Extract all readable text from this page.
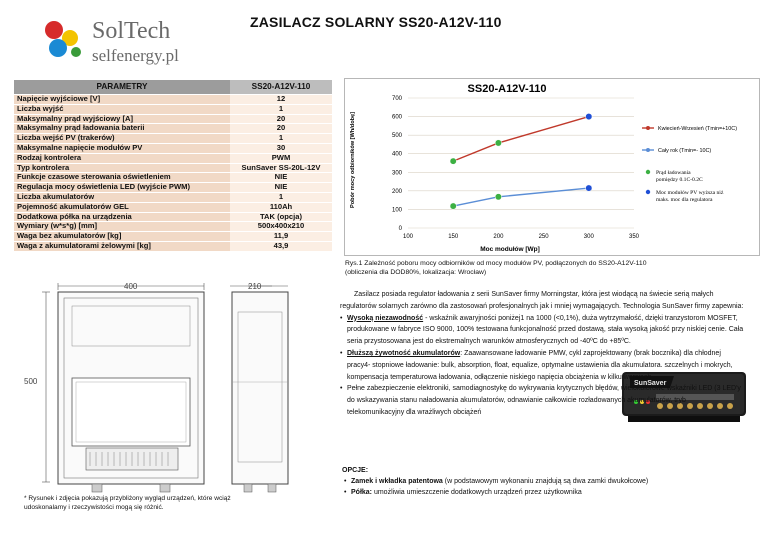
ZASILACZ SOLARNY SS20-A12V-110
SolTech
selfenergy.pl
PARAMETRY	SS20-A12V-110
Napięcie wyjściowe [V]	12
Liczba wyjść	1
Maksymalny prąd wyjściowy [A]	20
Maksymalny prąd ładowania baterii	20
Liczba wejść PV (trakerów)	1
Maksymalne napięcie modułów PV	30
Rodzaj kontrolera	PWM
Typ kontrolera	SunSaver SS-20L-12V
Funkcje czasowe sterowania oświetleniem	NIE
Regulacja mocy oświetlenia LED (wyjście PWM)	NIE
Liczba akumulatorów	1
Pojemność akumulatorów GEL	110Ah
Dodatkowa półka na urządzenia	TAK (opcja)
Wymiary (w*s*g) [mm]	500x400x210
Waga bez akumulatorów [kg]	11,9
Waga z akumulatorami żelowymi [kg]	43,9
400	210
500
SS20-A12V-110
Pobór mocy odbiorników [Wh/dobę]
Moc modułów [Wp]
0
100
200
300
400
500
600
700
100	150	200	250	300	350
Kwiecień-Wrzesień (Tmin=+10C)
Cały rok (Tmin=- 10C)
Prąd ładowania pomiędzy 0.1C-0.2C
Moc modułów PV wyższa niż maks. moc dla regulatora
Rys.1 Zależność poboru mocy odbiorników od mocy modułów PV, podłączonych do SS20-A12V-110
(obliczenia dla DOD80%, lokalizacja: Wrocław)
SunSaver

Zasilacz posiada regulator ładowania z serii SunSaver firmy Morningstar, która jest wiodącą na świecie serią małych regulatorów solarnych zarówno dla zastosowań profesjonalnych jak i mniej wymagających. Technologia SunSaver firmy zapewnia:

• Wysoką niezawodność - wskaźnik awaryjności poniżej1 na 1000 (<0,1%), duża wytrzymałość, dzięki tranzystorom MOSFET, produkowane w fabryce ISO 9000, 100% testowana funkcjonalność przed dostawą, stała wysoką jakość przy niskiej cenie. Cała seria przystosowana jest do ekstremalnych warunków atmosferycznych od -40ºC do +85ºC.
• Dłuższą żywotność akumulatorów: Zaawansowane ładowanie PMW, cykl zaprojektowany (brak bocznika) dla chłodnej pracy4- stopniowe ładowanie: bulk, absorption, float, equalize, optymalne ustawienia dla akumulatora. szczelnych i mokrych, kompensacja temperaturowa ładowania, odłączenie niskiego napięcia obciążenia w kilku wersjach
• Pełne zabezpieczenie elektroniki, samodiagnostykę do wykrywania krytycznych błędów, wielokolorowe wskaźniki LED (3 LED'y do wskazywania stanu naładowania akumulatorów, odnawianie całkowicie rozładowanych akumulatorów, tryb telekomunikacyjny dla wrażliwych obciążeń
OPCJE:
• Zamek i wkładka patentowa (w podstawowym wykonaniu znajdują są dwa zamki dwukołcowe)
• Półka: umożliwia umieszczenie dodatkowych urządzeń przez użytkownika
* Rysunek i zdjęcia pokazują przybliżony wygląd urządzeń, które wciąż udoskonalamy i rzeczywistości mogą się różnić.
